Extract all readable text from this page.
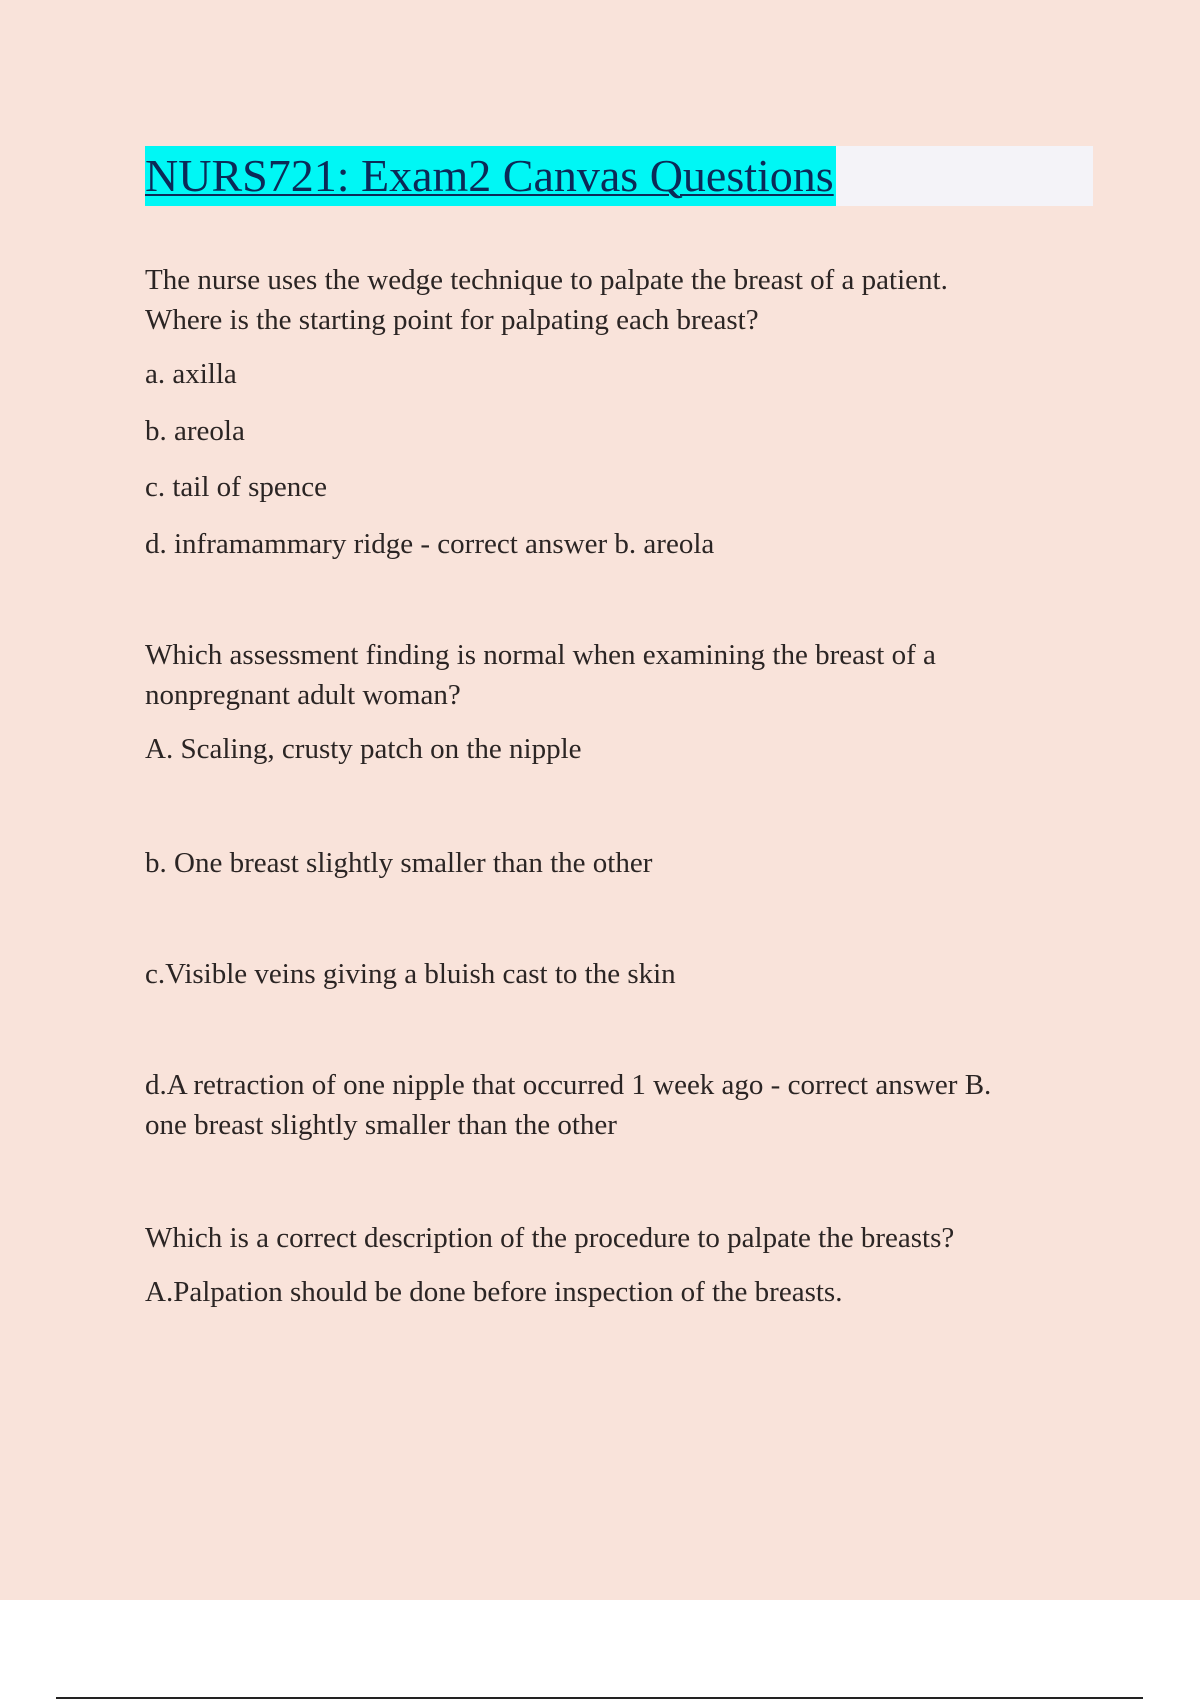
NURS721: Exam2 Canvas Questions

The nurse uses the wedge technique to palpate the breast of a patient.

Where is the starting point for palpating each breast?

a. axilla

b. areola

c. tail of spence

d. inframammary ridge - correct answer b. areola

Which assessment finding is normal when examining the breast of a

nonpregnant adult woman?

A. Scaling, crusty patch on the nipple

b. One breast slightly smaller than the other

c.Visible veins giving a bluish cast to the skin

d.A retraction of one nipple that occurred 1 week ago - correct answer B.

one breast slightly smaller than the other

Which is a correct description of the procedure to palpate the breasts?

A.Palpation should be done before inspection of the breasts.
